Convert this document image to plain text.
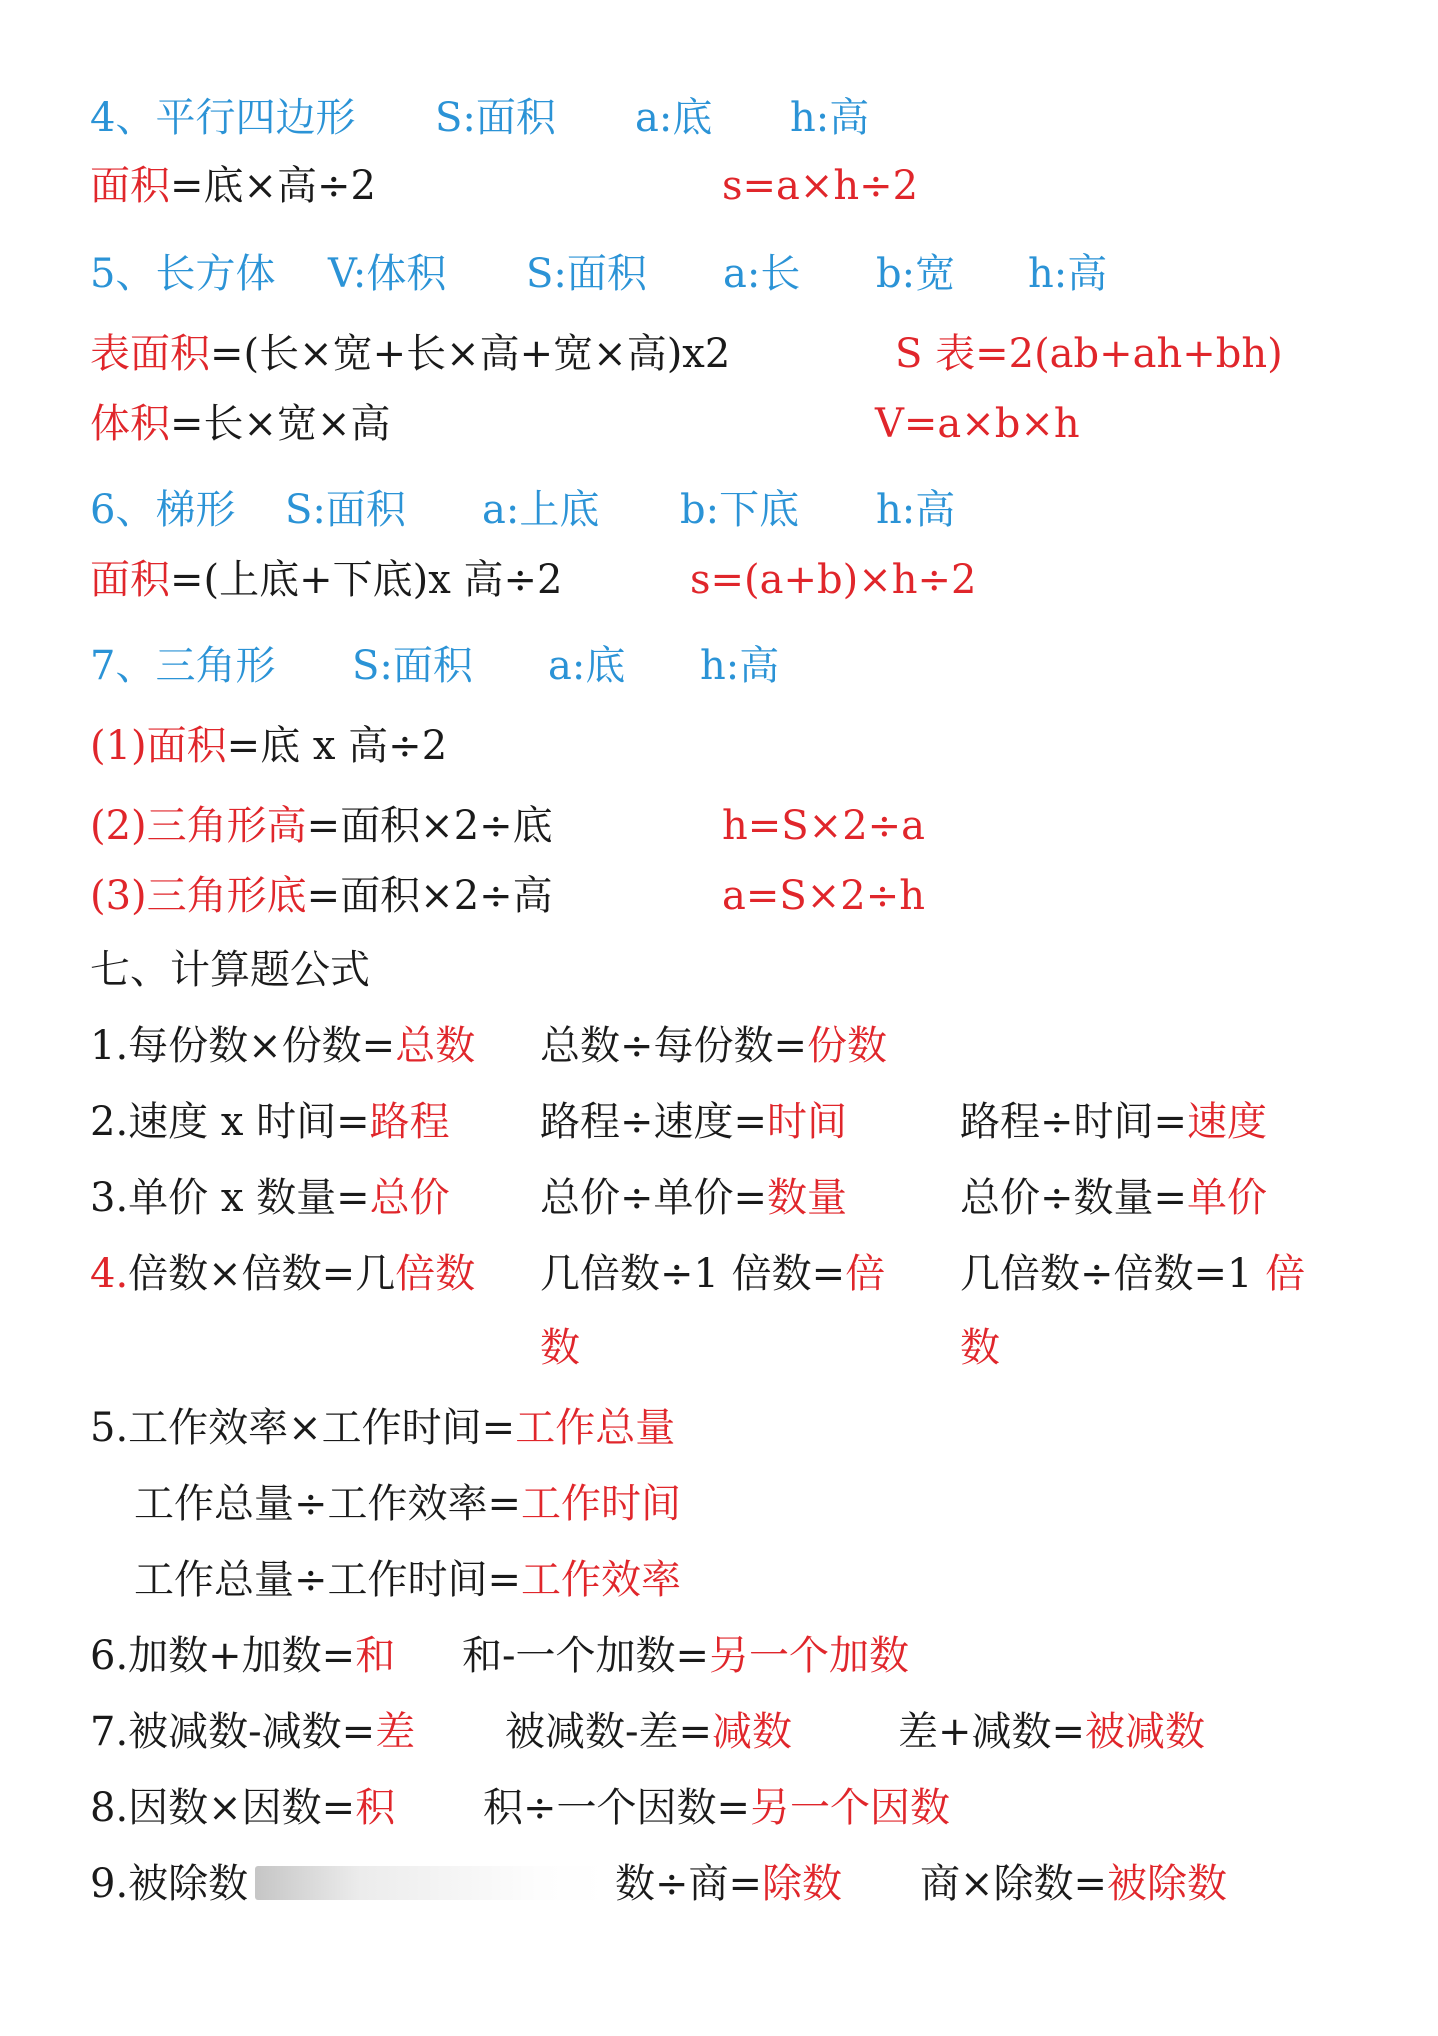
4、平行四边形 S:面积 a:底 h:高
面积=底×高÷2	s=a×h÷2
5、长方体 V:体积 S:面积 a:长 b:宽 h:高
表面积=(长×宽+长×高+宽×高)x2	S 表=2(ab+ah+bh)
体积=长×宽×高	V=a×b×h
6、梯形 S:面积 a:上底 b:下底 h:高
面积=(上底+下底)x 高÷2	s=(a+b)×h÷2
7、三角形 S:面积 a:底 h:高
(1)面积=底 x 高÷2
(2)三角形高=面积×2÷底	h=S×2÷a
(3)三角形底=面积×2÷高	a=S×2÷h
七、计算题公式
1.每份数×份数=总数 总数÷每份数=份数
2.速度 x 时间=路程 路程÷速度=时间	路程÷时间=速度
3.单价 x 数量=总价 总价÷单价=数量	总价÷数量=单价
4.倍数×倍数=几倍数 几倍数÷1 倍数=倍 几倍数÷倍数=1 倍
数	数
5.工作效率×工作时间=工作总量
工作总量÷工作效率=工作时间
工作总量÷工作时间=工作效率
6.加数+加数=和 和-一个加数=另一个加数
7.被减数-减数=差 被减数-差=减数	差+减数=被减数
8.因数×因数=积 积÷一个因数=另一个因数
9.被除数	数÷商=除数 商×除数=被除数
